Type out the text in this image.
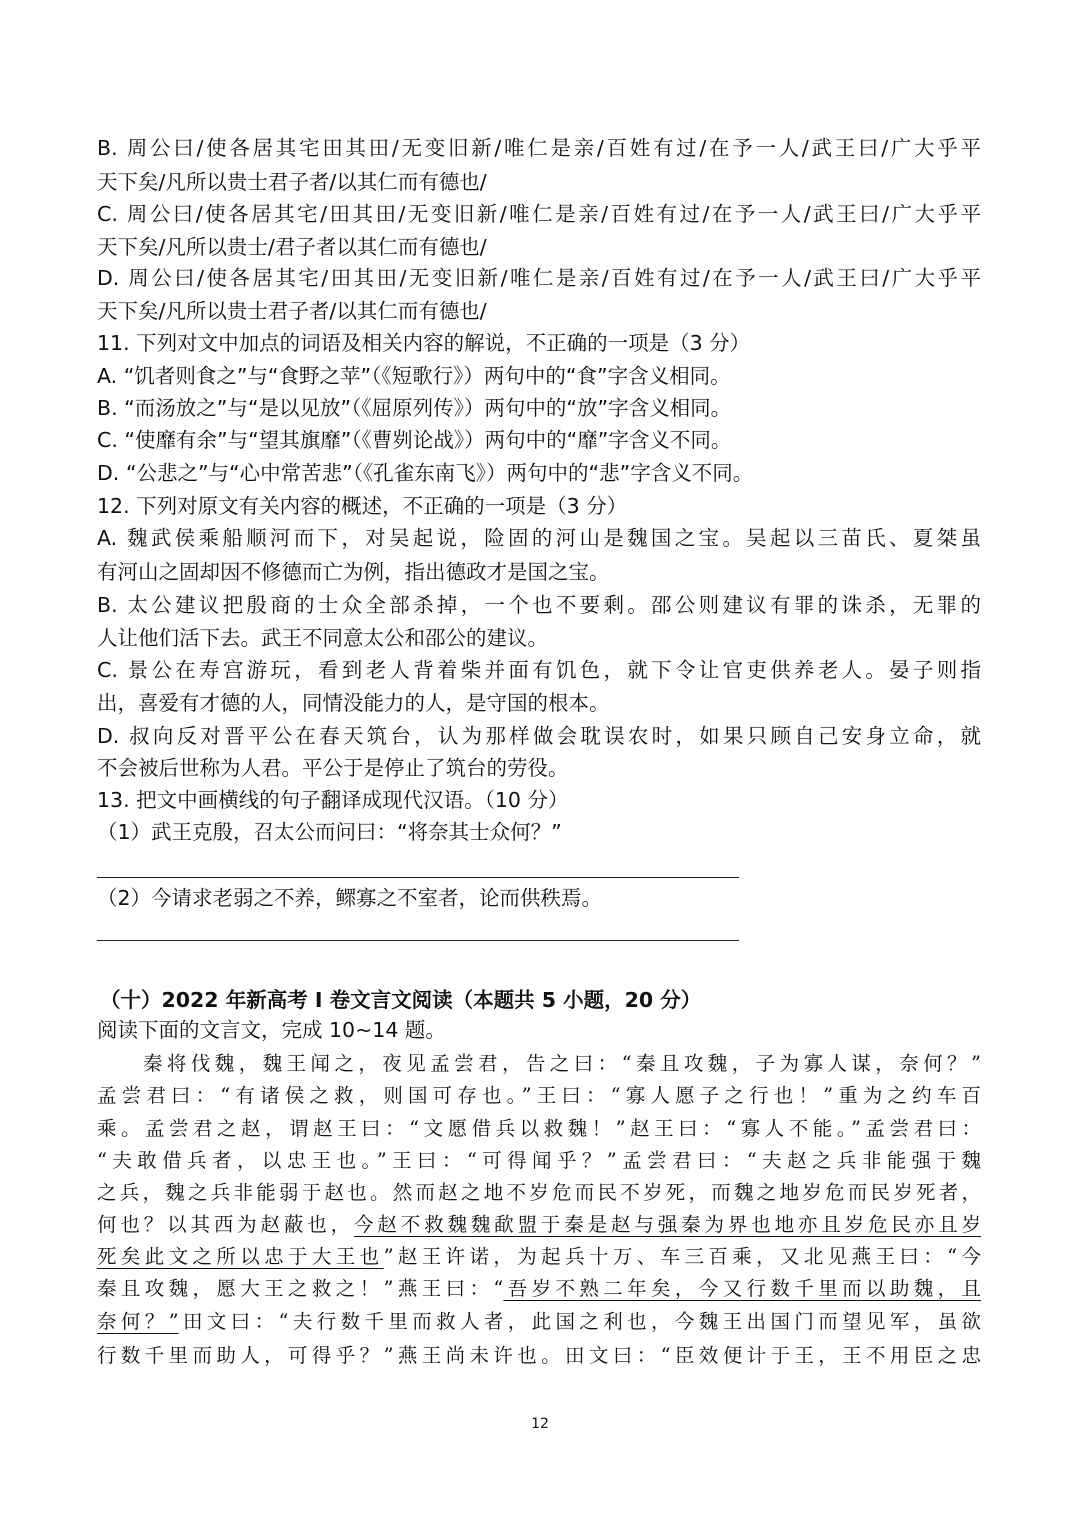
B. 周公曰/使各居其宅田其田/无变旧新/唯仁是亲/百姓有过/在予一人/武王曰/广大乎平
天下矣/凡所以贵士君子者/以其仁而有德也/
C. 周公曰/使各居其宅/田其田/无变旧新/唯仁是亲/百姓有过/在予一人/武王曰/广大乎平
天下矣/凡所以贵士/君子者以其仁而有德也/
D. 周公曰/使各居其宅/田其田/无变旧新/唯仁是亲/百姓有过/在予一人/武王曰/广大乎平
天下矣/凡所以贵士君子者/以其仁而有德也/
11. 下列对文中加点的词语及相关内容的解说，不正确的一项是（3 分）
A. “饥者则食之”与“食野之苹”（《短歌行》）两句中的“食”字含义相同。
B. “而汤放之”与“是以见放”（《屈原列传》）两句中的“放”字含义相同。
C. “使靡有余”与“望其旗靡”（《曹刿论战》）两句中的“靡”字含义不同。
D. “公悲之”与“心中常苦悲”（《孔雀东南飞》）两句中的“悲”字含义不同。
12. 下列对原文有关内容的概述，不正确的一项是（3 分）
A. 魏武侯乘船顺河而下，对吴起说，险固的河山是魏国之宝。吴起以三苗氏、夏桀虽
有河山之固却因不修德而亡为例，指出德政才是国之宝。
B. 太公建议把殷商的士众全部杀掉，一个也不要剩。邵公则建议有罪的诛杀，无罪的
人让他们活下去。武王不同意太公和邵公的建议。
C. 景公在寿宫游玩，看到老人背着柴并面有饥色，就下令让官吏供养老人。晏子则指
出，喜爱有才德的人，同情没能力的人，是守国的根本。
D. 叔向反对晋平公在春天筑台，认为那样做会耽误农时，如果只顾自己安身立命，就
不会被后世称为人君。平公于是停止了筑台的劳役。
13. 把文中画横线的句子翻译成现代汉语。（10 分）
（1）武王克殷，召太公而问曰：“将奈其士众何？”
（2）今请求老弱之不养，鳏寡之不室者，论而供秩焉。
（十）2022 年新高考 I 卷文言文阅读（本题共 5 小题，20 分）
阅读下面的文言文，完成 10~14 题。
秦将伐魏，魏王闻之，夜见孟尝君，告之曰：“秦且攻魏，子为寡人谋，奈何？”
孟尝君曰：“有诸侯之救，则国可存也。”王曰：“寡人愿子之行也！”重为之约车百
乘。孟尝君之赵，谓赵王曰：“文愿借兵以救魏！”赵王曰：“寡人不能。”孟尝君曰：
“夫敢借兵者，以忠王也。”王曰：“可得闻乎？”孟尝君曰：“夫赵之兵非能强于魏
之兵，魏之兵非能弱于赵也。然而赵之地不岁危而民不岁死，而魏之地岁危而民岁死者，
何也？以其西为赵蔽也，今赵不救魏魏歃盟于秦是赵与强秦为界也地亦且岁危民亦且岁
死矣此文之所以忠于大王也”赵王许诺，为起兵十万、车三百乘，又北见燕王曰：“今
秦且攻魏，愿大王之救之！”燕王曰：“吾岁不熟二年矣，今又行数千里而以助魏，且
奈何？”田文曰：“夫行数千里而救人者，此国之利也，今魏王出国门而望见军，虽欲
行数千里而助人，可得乎？”燕王尚未许也。田文曰：“臣效便计于王，王不用臣之忠
12
